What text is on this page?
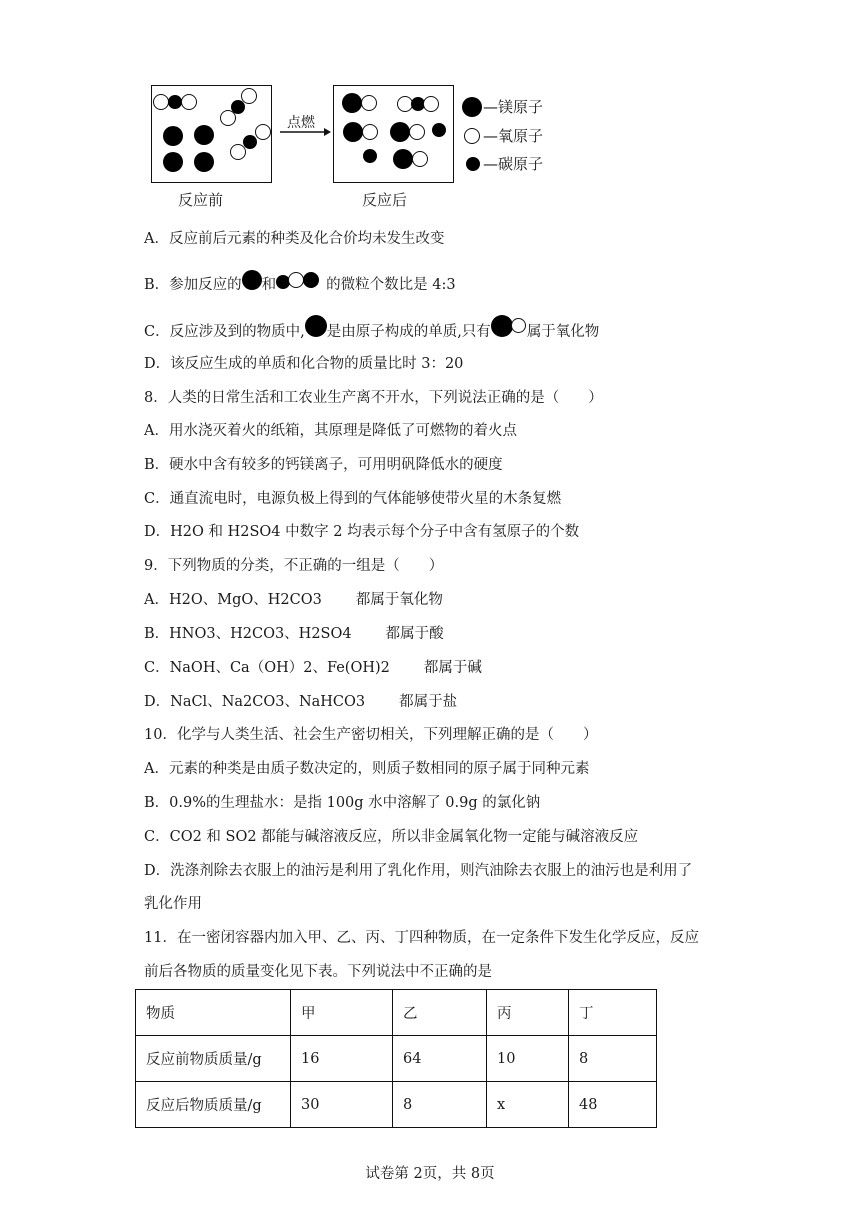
反应前
点燃
反应后
—镁原子
—氧原子
—碳原子
A．反应前后元素的种类及化合价均未发生改变
B．参加反应的 和	的微粒个数比是 4:3
C．反应涉及到的物质中, 是由原子构成的单质,只有 属于氧化物
D．该反应生成的单质和化合物的质量比时 3：20
8．人类的日常生活和工农业生产离不开水，下列说法正确的是（　　）
A．用水浇灭着火的纸箱，其原理是降低了可燃物的着火点
B．硬水中含有较多的钙镁离子，可用明矾降低水的硬度
C．通直流电时，电源负极上得到的气体能够使带火星的木条复燃
D．H2O 和 H2SO4 中数字 2 均表示每个分子中含有氢原子的个数
9．下列物质的分类，不正确的一组是（　　）
A．H2O、MgO、H2CO3 都属于氧化物
B．HNO3、H2CO3、H2SO4 都属于酸
C．NaOH、Ca（OH）2、Fe(OH)2 都属于碱
D．NaCl、Na2CO3、NaHCO3 都属于盐
10．化学与人类生活、社会生产密切相关，下列理解正确的是（　　）
A．元素的种类是由质子数决定的，则质子数相同的原子属于同种元素
B．0.9%的生理盐水：是指 100g 水中溶解了 0.9g 的氯化钠
C．CO2 和 SO2 都能与碱溶液反应，所以非金属氧化物一定能与碱溶液反应
D．洗涤剂除去衣服上的油污是利用了乳化作用，则汽油除去衣服上的油污也是利用了
乳化作用
11．在一密闭容器内加入甲、乙、丙、丁四种物质，在一定条件下发生化学反应，反应
前后各物质的质量变化见下表。下列说法中不正确的是
物质	甲	乙	丙	丁
反应前物质质量/g	16	64	10	8
反应后物质质量/g	30	8	x	48
试卷第 2页，共 8页
